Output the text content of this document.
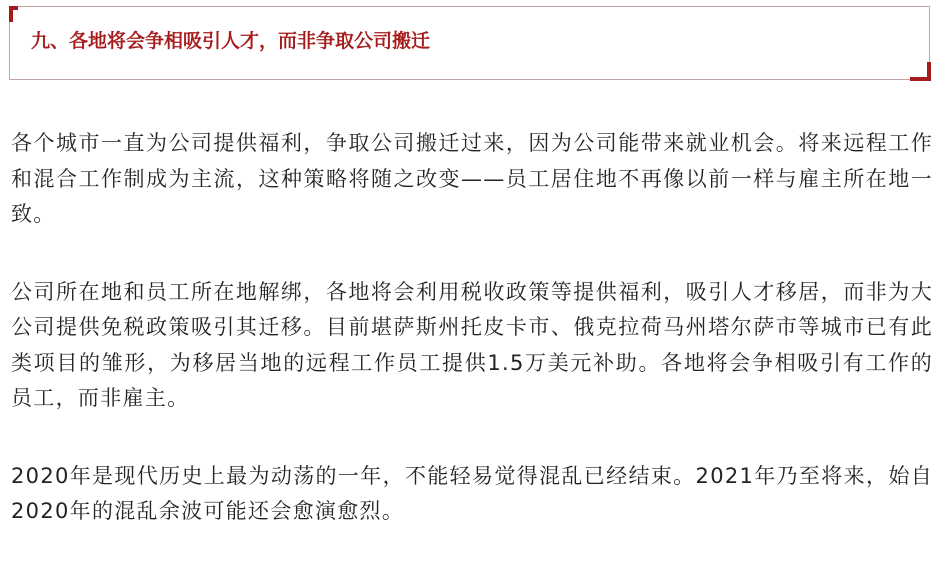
九、各地将会争相吸引人才，而非争取公司搬迁

各个城市一直为公司提供福利，争取公司搬迁过来，因为公司能带来就业机会。将来远程工作和混合工作制成为主流，这种策略将随之改变——员工居住地不再像以前一样与雇主所在地一致。

公司所在地和员工所在地解绑，各地将会利用税收政策等提供福利，吸引人才移居，而非为大公司提供免税政策吸引其迁移。目前堪萨斯州托皮卡市、俄克拉荷马州塔尔萨市等城市已有此类项目的雏形，为移居当地的远程工作员工提供1.5万美元补助。各地将会争相吸引有工作的员工，而非雇主。

2020年是现代历史上最为动荡的一年，不能轻易觉得混乱已经结束。2021年乃至将来，始自2020年的混乱余波可能还会愈演愈烈。
